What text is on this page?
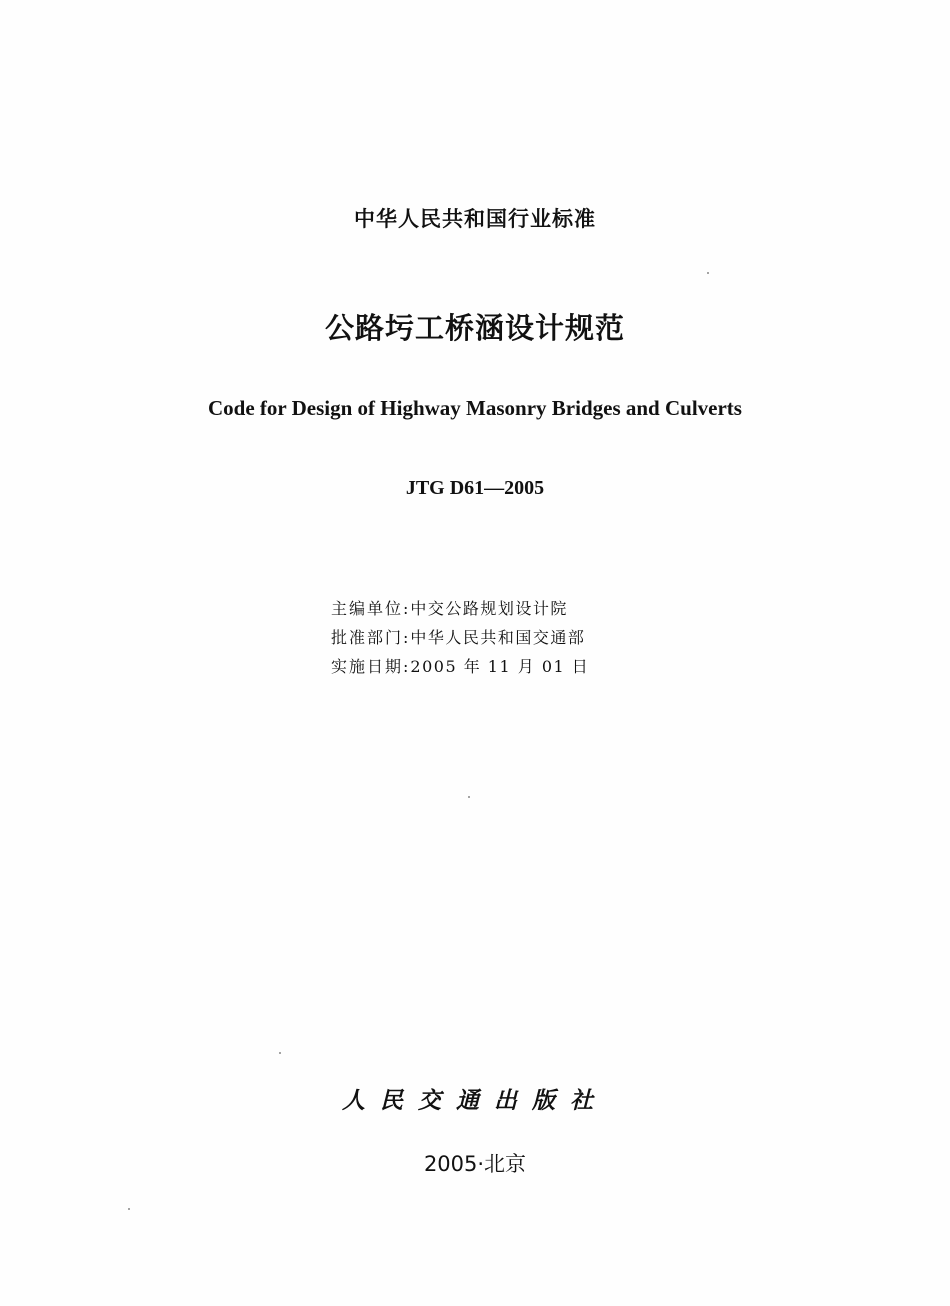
中华人民共和国行业标准
公路圬工桥涵设计规范
Code for Design of Highway Masonry Bridges and Culverts
JTG D61—2005
主编单位:中交公路规划设计院
批准部门:中华人民共和国交通部
实施日期:2005 年 11 月 01 日
人民交通出版社
2005·北京
